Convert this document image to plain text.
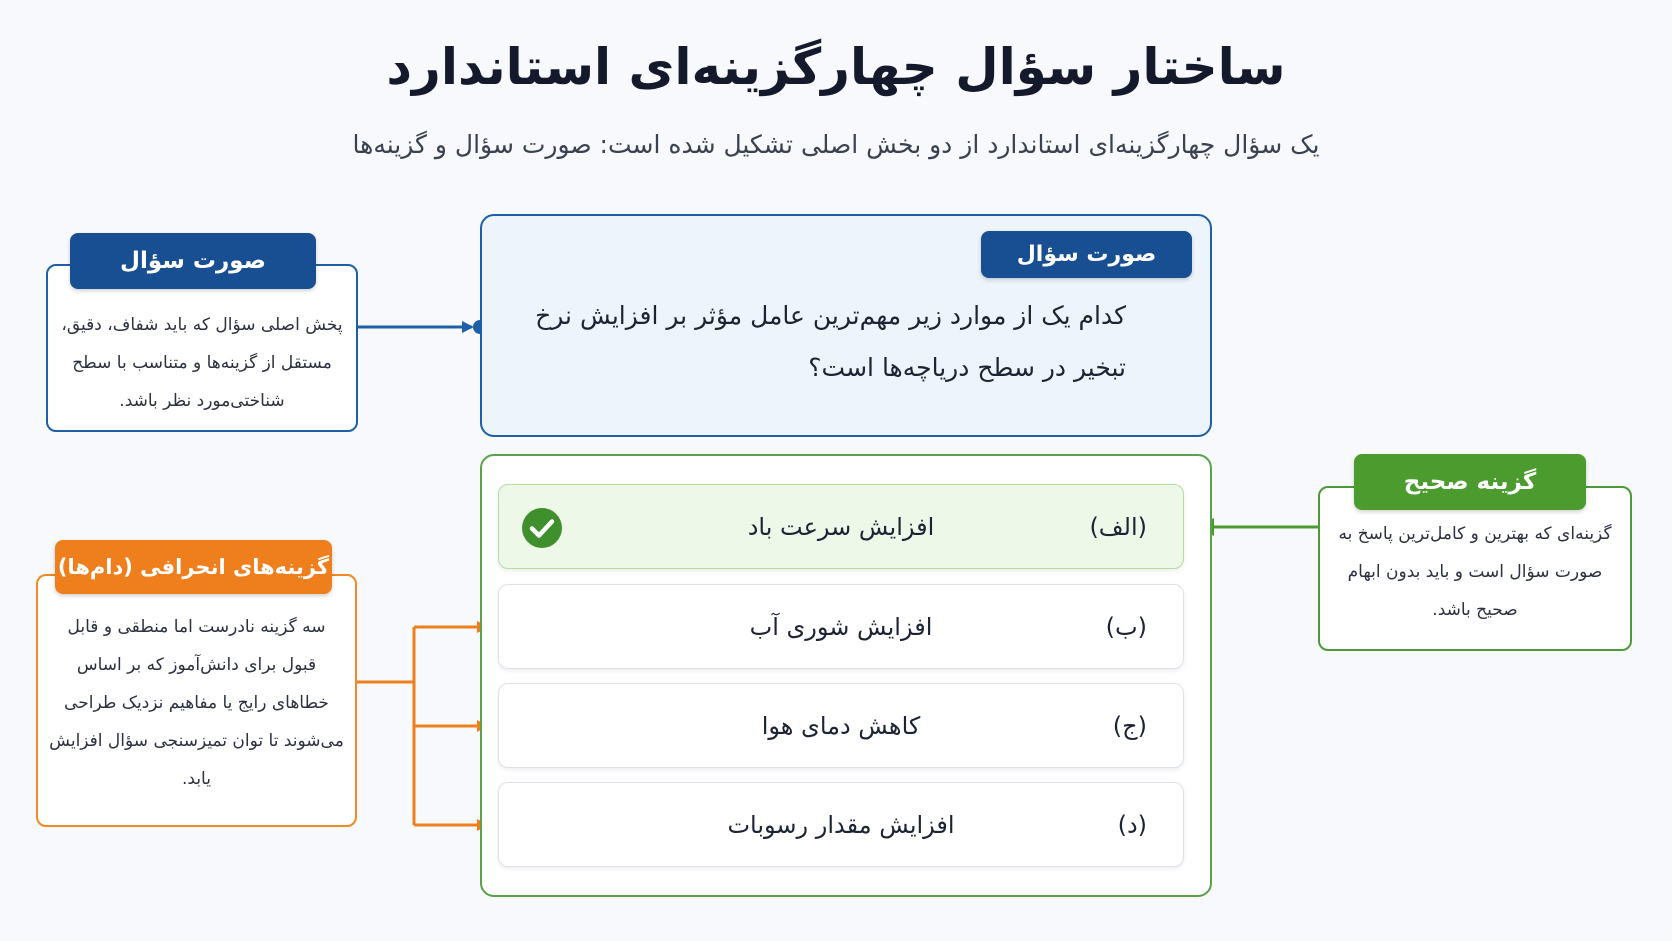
ساختار سؤال چهارگزینه‌ای استاندارد
یک سؤال چهارگزینه‌ای استاندارد از دو بخش اصلی تشکیل شده است: صورت سؤال و گزینه‌ها
پخش اصلی سؤال که باید شفاف، دقیق، مستقل از گزینه‌ها و متناسب با سطح شناختی‌مورد نظر باشد.
صورت سؤال	صورت سؤال
کدام یک از موارد زیر مهم‌ترین عامل مؤثر بر افزایش نرخ تبخیر در سطح دریاچه‌ها است؟
افزایش سرعت باد	(الف)
افزایش شوری آب	(ب)
کاهش دمای هوا	(ج)
افزایش مقدار رسوبات	(د)
گزینه‌ای که بهترین و کامل‌ترین پاسخ به صورت سؤال است و باید بدون ابهام صحیح باشد.
گزینه صحیح
سه گزینه نادرست اما منطقی و قابل قبول برای دانش‌آموز که بر اساس خطاهای رایج یا مفاهیم نزدیک طراحی می‌شوند تا توان تمیزسنجی سؤال افزایش یابد.
گزینه‌های انحرافی (دام‌ها)
